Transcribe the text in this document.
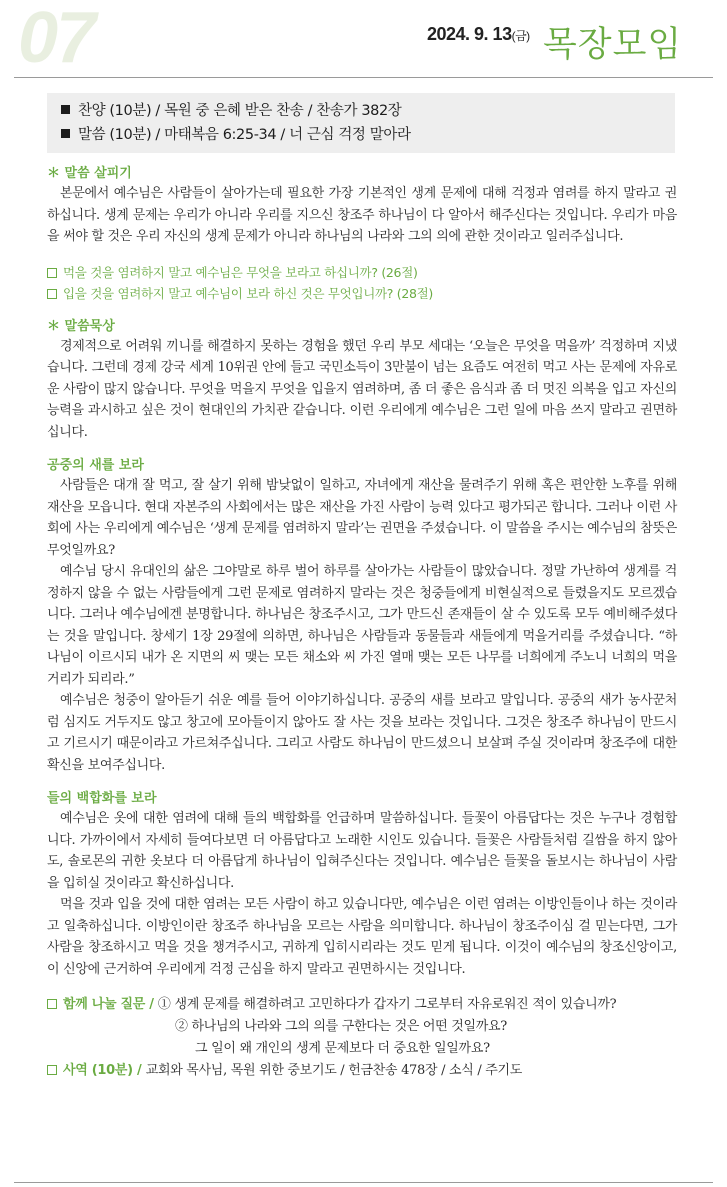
07	2024. 9. 13(금) 목장모임
찬양 (10분) / 목원 중 은혜 받은 찬송 / 찬송가 382장
말씀 (10분) / 마태복음 6:25-34 / 너 근심 걱정 말아라
＊ 말씀 살피기

본문에서 예수님은 사람들이 살아가는데 필요한 가장 기본적인 생계 문제에 대해 걱정과 염려를 하지 말라고 권하십니다. 생계 문제는 우리가 아니라 우리를 지으신 창조주 하나님이 다 알아서 해주신다는 것입니다. 우리가 마음을 써야 할 것은 우리 자신의 생계 문제가 아니라 하나님의 나라와 그의 의에 관한 것이라고 일러주십니다.

먹을 것을 염려하지 말고 예수님은 무엇을 보라고 하십니까? (26절)
입을 것을 염려하지 말고 예수님이 보라 하신 것은 무엇입니까? (28절)
＊ 말씀묵상

경제적으로 어려워 끼니를 해결하지 못하는 경험을 했던 우리 부모 세대는 ‘오늘은 무엇을 먹을까’ 걱정하며 지냈습니다. 그런데 경제 강국 세계 10위권 안에 들고 국민소득이 3만불이 넘는 요즘도 여전히 먹고 사는 문제에 자유로운 사람이 많지 않습니다. 무엇을 먹을지 무엇을 입을지 염려하며, 좀 더 좋은 음식과 좀 더 멋진 의복을 입고 자신의 능력을 과시하고 싶은 것이 현대인의 가치관 같습니다. 이런 우리에게 예수님은 그런 일에 마음 쓰지 말라고 권면하십니다.

공중의 새를 보라

사람들은 대개 잘 먹고, 잘 살기 위해 밤낮없이 일하고, 자녀에게 재산을 물려주기 위해 혹은 편안한 노후를 위해 재산을 모읍니다. 현대 자본주의 사회에서는 많은 재산을 가진 사람이 능력 있다고 평가되곤 합니다. 그러나 이런 사회에 사는 우리에게 예수님은 ‘생계 문제를 염려하지 말라’는 권면을 주셨습니다. 이 말씀을 주시는 예수님의 참뜻은 무엇일까요?

예수님 당시 유대인의 삶은 그야말로 하루 벌어 하루를 살아가는 사람들이 많았습니다. 정말 가난하여 생계를 걱정하지 않을 수 없는 사람들에게 그런 문제로 염려하지 말라는 것은 청중들에게 비현실적으로 들렸을지도 모르겠습니다. 그러나 예수님에겐 분명합니다. 하나님은 창조주시고, 그가 만드신 존재들이 살 수 있도록 모두 예비해주셨다는 것을 말입니다. 창세기 1장 29절에 의하면, 하나님은 사람들과 동물들과 새들에게 먹을거리를 주셨습니다. “하나님이 이르시되 내가 온 지면의 씨 맺는 모든 채소와 씨 가진 열매 맺는 모든 나무를 너희에게 주노니 너희의 먹을거리가 되리라.”

예수님은 청중이 알아듣기 쉬운 예를 들어 이야기하십니다. 공중의 새를 보라고 말입니다. 공중의 새가 농사꾼처럼 심지도 거두지도 않고 창고에 모아들이지 않아도 잘 사는 것을 보라는 것입니다. 그것은 창조주 하나님이 만드시고 기르시기 때문이라고 가르쳐주십니다. 그리고 사람도 하나님이 만드셨으니 보살펴 주실 것이라며 창조주에 대한 확신을 보여주십니다.

들의 백합화를 보라

예수님은 옷에 대한 염려에 대해 들의 백합화를 언급하며 말씀하십니다. 들꽃이 아름답다는 것은 누구나 경험합니다. 가까이에서 자세히 들여다보면 더 아름답다고 노래한 시인도 있습니다. 들꽃은 사람들처럼 길쌈을 하지 않아도, 솔로몬의 귀한 옷보다 더 아름답게 하나님이 입혀주신다는 것입니다. 예수님은 들꽃을 돌보시는 하나님이 사람을 입히실 것이라고 확신하십니다.

먹을 것과 입을 것에 대한 염려는 모든 사람이 하고 있습니다만, 예수님은 이런 염려는 이방인들이나 하는 것이라고 일축하십니다. 이방인이란 창조주 하나님을 모르는 사람을 의미합니다. 하나님이 창조주이심 걸 믿는다면, 그가 사람을 창조하시고 먹을 것을 챙겨주시고, 귀하게 입히시리라는 것도 믿게 됩니다. 이것이 예수님의 창조신앙이고, 이 신앙에 근거하여 우리에게 걱정 근심을 하지 말라고 권면하시는 것입니다.

함께 나눌 질문 / ① 생계 문제를 해결하려고 고민하다가 갑자기 그로부터 자유로워진 적이 있습니까?
② 하나님의 나라와 그의 의를 구한다는 것은 어떤 것일까요?
그 일이 왜 개인의 생계 문제보다 더 중요한 일일까요?
사역 (10분) / 교회와 목사님, 목원 위한 중보기도 / 헌금찬송 478장 / 소식 / 주기도
